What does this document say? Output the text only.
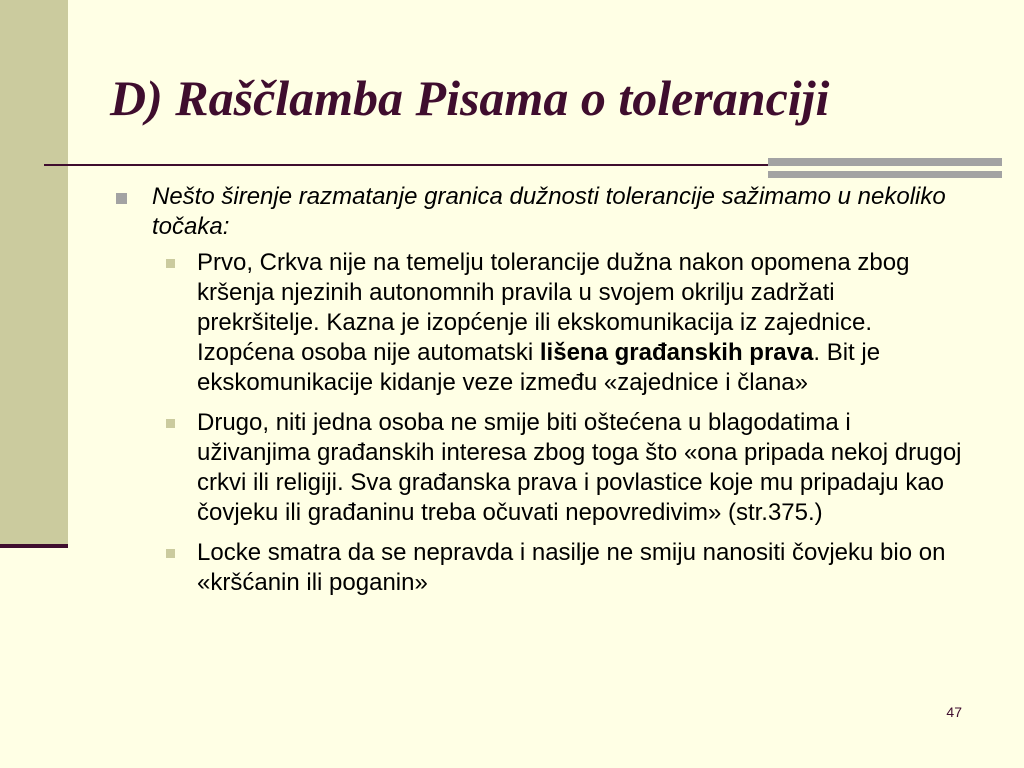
D) Raščlamba Pisama o toleranciji

Nešto širenje razmatanje granica dužnosti tolerancije sažimamo u nekoliko točaka:

Prvo, Crkva nije na temelju tolerancije dužna nakon opomena zbog kršenja njezinih autonomnih pravila u svojem okrilju zadržati prekršitelje. Kazna je izopćenje ili ekskomunikacija iz zajednice. Izopćena osoba nije automatski lišena građanskih prava. Bit je ekskomunikacije kidanje veze između «zajednice i člana»

Drugo, niti jedna osoba ne smije biti oštećena u blagodatima i uživanjima građanskih interesa zbog toga što «ona pripada nekoj drugoj crkvi ili religiji. Sva građanska prava i povlastice koje mu pripadaju kao čovjeku ili građaninu treba očuvati nepovredivim» (str.375.)

Locke smatra da se nepravda i nasilje ne smiju nanositi čovjeku bio on «kršćanin ili poganin»

47
